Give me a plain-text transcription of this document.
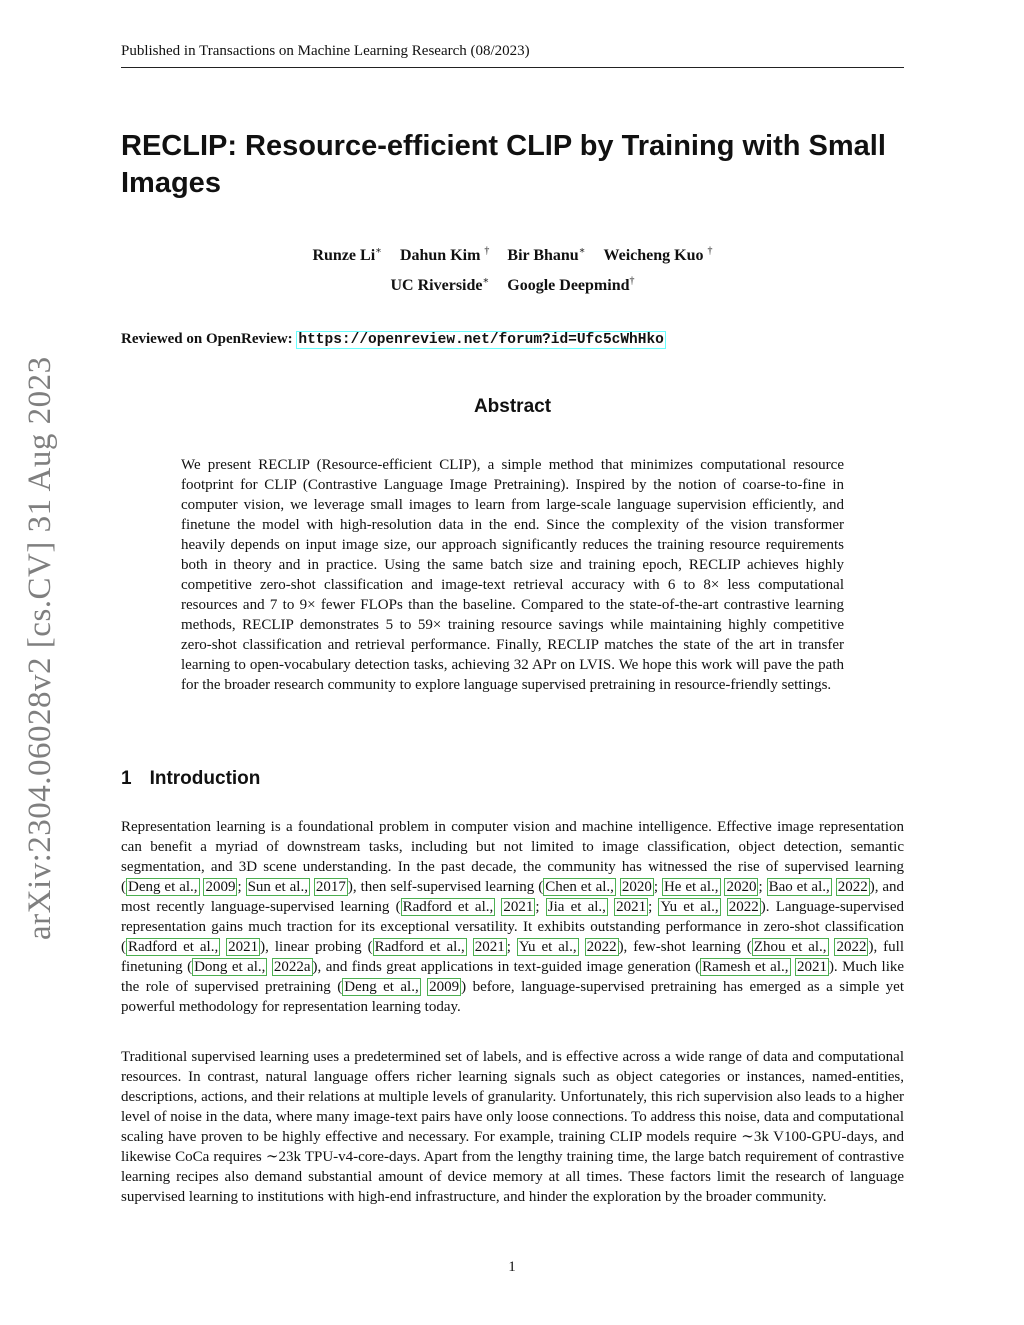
Published in Transactions on Machine Learning Research (08/2023)
arXiv:2304.06028v2 [cs.CV] 31 Aug 2023
RECLIP: Resource-efficient CLIP by Training with Small Images
Runze Li∗ Dahun Kim † Bir Bhanu∗ Weicheng Kuo †
UC Riverside∗ Google Deepmind†
Reviewed on OpenReview: https://openreview.net/forum?id=Ufc5cWhHko
Abstract

We present RECLIP (Resource-efficient CLIP), a simple method that minimizes computational resource footprint for CLIP (Contrastive Language Image Pretraining). Inspired by the notion of coarse-to-fine in computer vision, we leverage small images to learn from large-scale language supervision efficiently, and finetune the model with high-resolution data in the end. Since the complexity of the vision transformer heavily depends on input image size, our approach significantly reduces the training resource requirements both in theory and in practice. Using the same batch size and training epoch, RECLIP achieves highly competitive zero-shot classification and image-text retrieval accuracy with 6 to 8× less computational resources and 7 to 9× fewer FLOPs than the baseline. Compared to the state-of-the-art contrastive learning methods, RECLIP demonstrates 5 to 59× training resource savings while maintaining highly competitive zero-shot classification and retrieval performance. Finally, RECLIP matches the state of the art in transfer learning to open-vocabulary detection tasks, achieving 32 APr on LVIS. We hope this work will pave the path for the broader research community to explore language supervised pretraining in resource-friendly settings.

1 Introduction

Representation learning is a foundational problem in computer vision and machine intelligence. Effective image representation can benefit a myriad of downstream tasks, including but not limited to image classification, object detection, semantic segmentation, and 3D scene understanding. In the past decade, the community has witnessed the rise of supervised learning ( Deng et al., 2009 ; Sun et al., 2017 ), then self-supervised learning ( Chen et al., 2020 ; He et al., 2020 ; Bao et al., 2022 ), and most recently language-supervised learning ( Radford et al., 2021 ; Jia et al., 2021 ; Yu et al., 2022 ). Language-supervised representation gains much traction for its exceptional versatility. It exhibits outstanding performance in zero-shot classification ( Radford et al., 2021 ), linear probing ( Radford et al., 2021 ; Yu et al., 2022 ), few-shot learning ( Zhou et al., 2022 ), full finetuning ( Dong et al., 2022a ), and finds great applications in text-guided image generation ( Ramesh et al., 2021 ). Much like the role of supervised pretraining ( Deng et al., 2009 ) before, language-supervised pretraining has emerged as a simple yet powerful methodology for representation learning today.

Traditional supervised learning uses a predetermined set of labels, and is effective across a wide range of data and computational resources. In contrast, natural language offers richer learning signals such as object categories or instances, named-entities, descriptions, actions, and their relations at multiple levels of granularity. Unfortunately, this rich supervision also leads to a higher level of noise in the data, where many image-text pairs have only loose connections. To address this noise, data and computational scaling have proven to be highly effective and necessary. For example, training CLIP models require ∼3k V100-GPU-days, and likewise CoCa requires ∼23k TPU-v4-core-days. Apart from the lengthy training time, the large batch requirement of contrastive learning recipes also demand substantial amount of device memory at all times. These factors limit the research of language supervised learning to institutions with high-end infrastructure, and hinder the exploration by the broader community.

1
